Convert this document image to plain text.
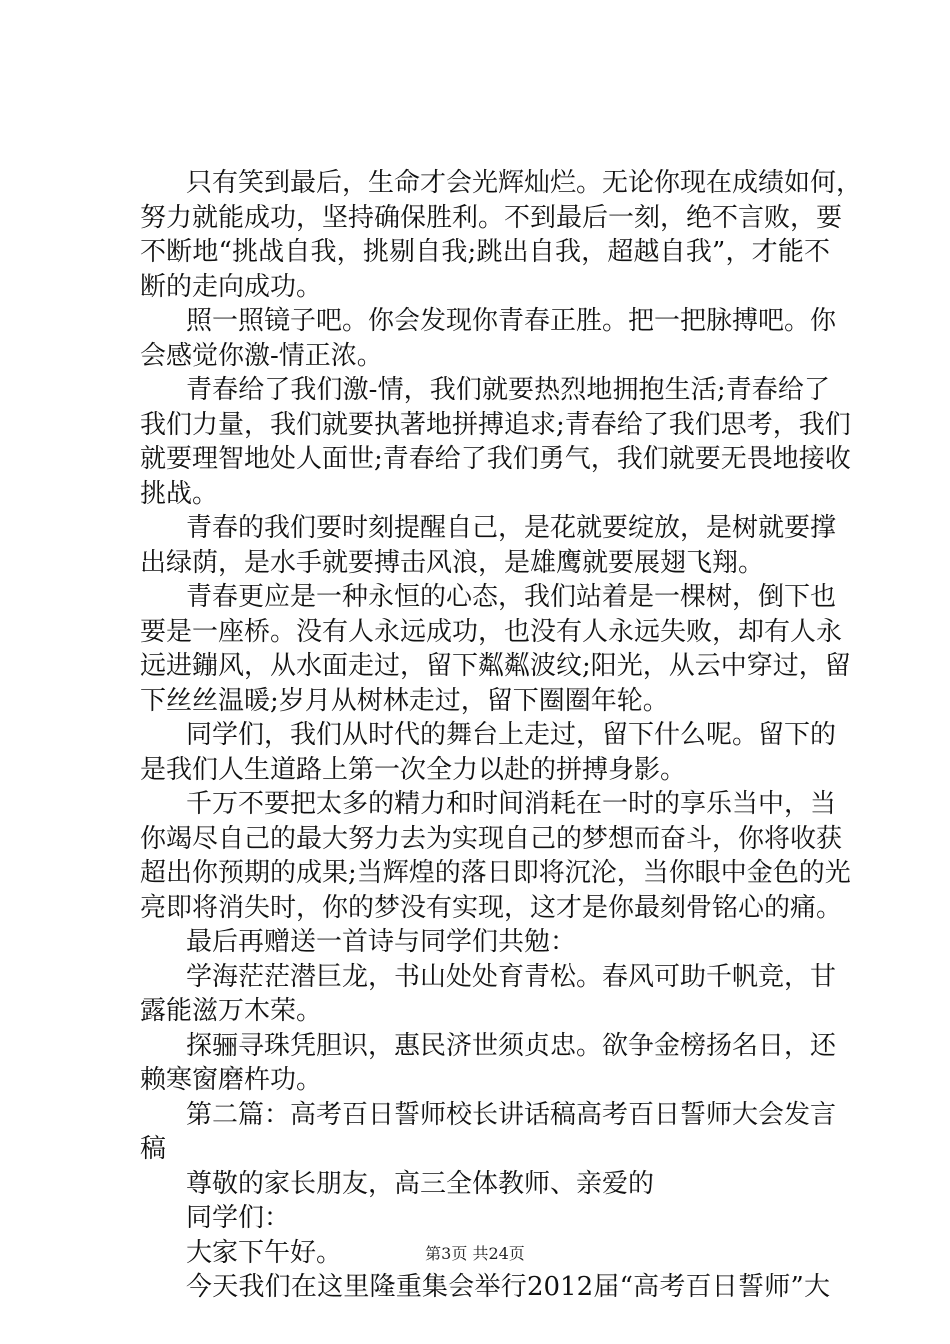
只有笑到最后，生命才会光辉灿烂。无论你现在成绩如何，
努力就能成功，坚持确保胜利。不到最后一刻，绝不言败，要
不断地“挑战自我，挑剔自我;跳出自我，超越自我”，才能不
断的走向成功。
照一照镜子吧。你会发现你青春正胜。把一把脉搏吧。你
会感觉你激-情正浓。
青春给了我们激-情，我们就要热烈地拥抱生活;青春给了
我们力量，我们就要执著地拼搏追求;青春给了我们思考，我们
就要理智地处人面世;青春给了我们勇气，我们就要无畏地接收
挑战。
青春的我们要时刻提醒自己，是花就要绽放，是树就要撑
出绿荫，是水手就要搏击风浪，是雄鹰就要展翅飞翔。
青春更应是一种永恒的心态，我们站着是一棵树，倒下也
要是一座桥。没有人永远成功，也没有人永远失败，却有人永
远进鏰风，从水面走过，留下粼粼波纹;阳光，从云中穿过，留
下丝丝温暖;岁月从树林走过，留下圈圈年轮。
同学们，我们从时代的舞台上走过，留下什么呢。留下的
是我们人生道路上第一次全力以赴的拼搏身影。
千万不要把太多的精力和时间消耗在一时的享乐当中，当
你竭尽自己的最大努力去为实现自己的梦想而奋斗，你将收获
超出你预期的成果;当辉煌的落日即将沉沦，当你眼中金色的光
亮即将消失时，你的梦没有实现，这才是你最刻骨铭心的痛。
最后再赠送一首诗与同学们共勉：
学海茫茫潜巨龙，书山处处育青松。春风可助千帆竞，甘
露能滋万木荣。
探骊寻珠凭胆识，惠民济世须贞忠。欲争金榜扬名日，还
赖寒窗磨杵功。
第二篇：高考百日誓师校长讲话稿高考百日誓师大会发言
稿
尊敬的家长朋友，高三全体教师、亲爱的
同学们：
大家下午好。
今天我们在这里隆重集会举行2012届“高考百日誓师”大
第3页 共24页
